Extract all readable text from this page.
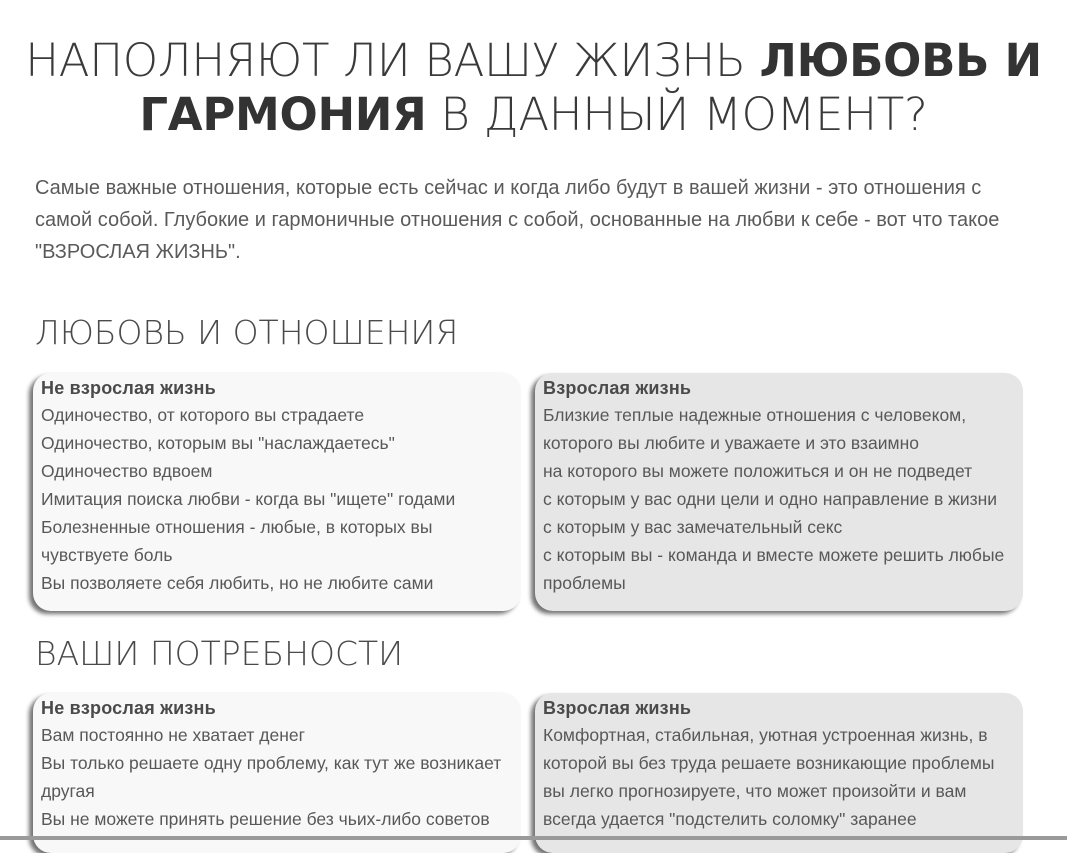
НАПОЛНЯЮТ ЛИ ВАШУ ЖИЗНЬ ЛЮБОВЬ И ГАРМОНИЯ В ДАННЫЙ МОМЕНТ?

Самые важные отношения, которые есть сейчас и когда либо будут в вашей жизни - это отношения с самой собой. Глубокие и гармоничные отношения с собой, основанные на любви к себе - вот что такое "ВЗРОСЛАЯ ЖИЗНЬ".

ЛЮБОВЬ И ОТНОШЕНИЯ
Не взрослая жизнь
Одиночество, от которого вы страдаете
Одиночество, которым вы "наслаждаетесь"
Одиночество вдвоем
Имитация поиска любви - когда вы "ищете" годами
Болезненные отношения - любые, в которых вы чувствуете боль
Вы позволяете себя любить, но не любите сами
Взрослая жизнь
Близкие теплые надежные отношения с человеком, которого вы любите и уважаете и это взаимно
на которого вы можете положиться и он не подведет
с которым у вас одни цели и одно направление в жизни
с которым у вас замечательный секс
с которым вы - команда и вместе можете решить любые проблемы
ВАШИ ПОТРЕБНОСТИ
Не взрослая жизнь
Вам постоянно не хватает денег
Вы только решаете одну проблему, как тут же возникает другая
Вы не можете принять решение без чьих-либо советов
Взрослая жизнь
Комфортная, стабильная, уютная устроенная жизнь, в которой вы без труда решаете возникающие проблемы
вы легко прогнозируете, что может произойти и вам всегда удается "подстелить соломку" заранее
